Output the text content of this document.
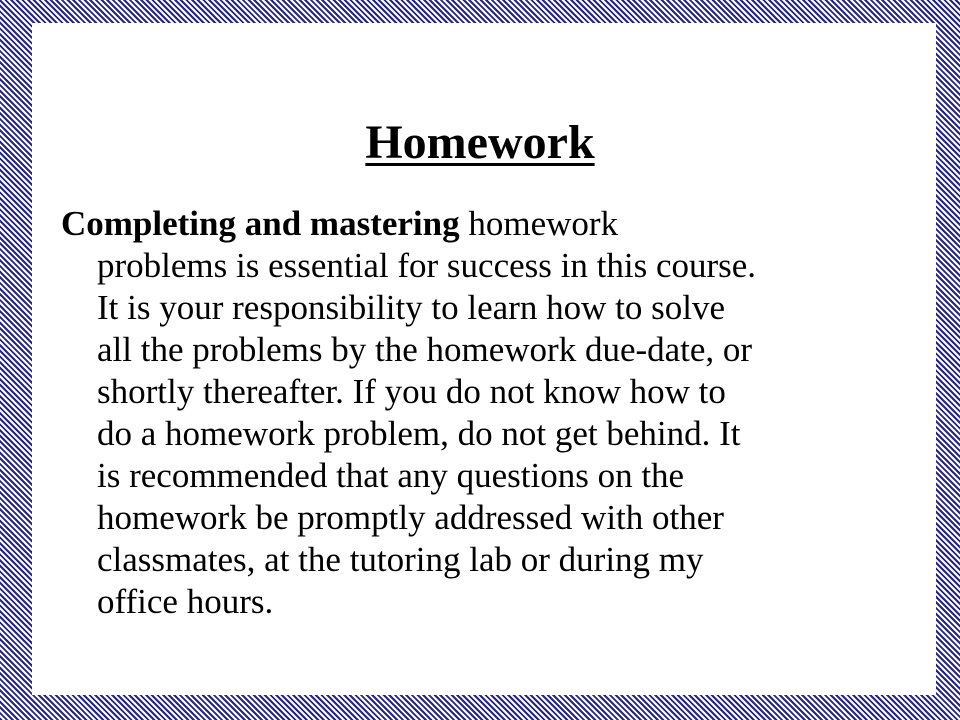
Homework

Completing and mastering homework
problems is essential for success in this course.
It is your responsibility to learn how to solve
all the problems by the homework due-date, or
shortly thereafter. If you do not know how to
do a homework problem, do not get behind. It
is recommended that any questions on the
homework be promptly addressed with other
classmates, at the tutoring lab or during my
office hours.
